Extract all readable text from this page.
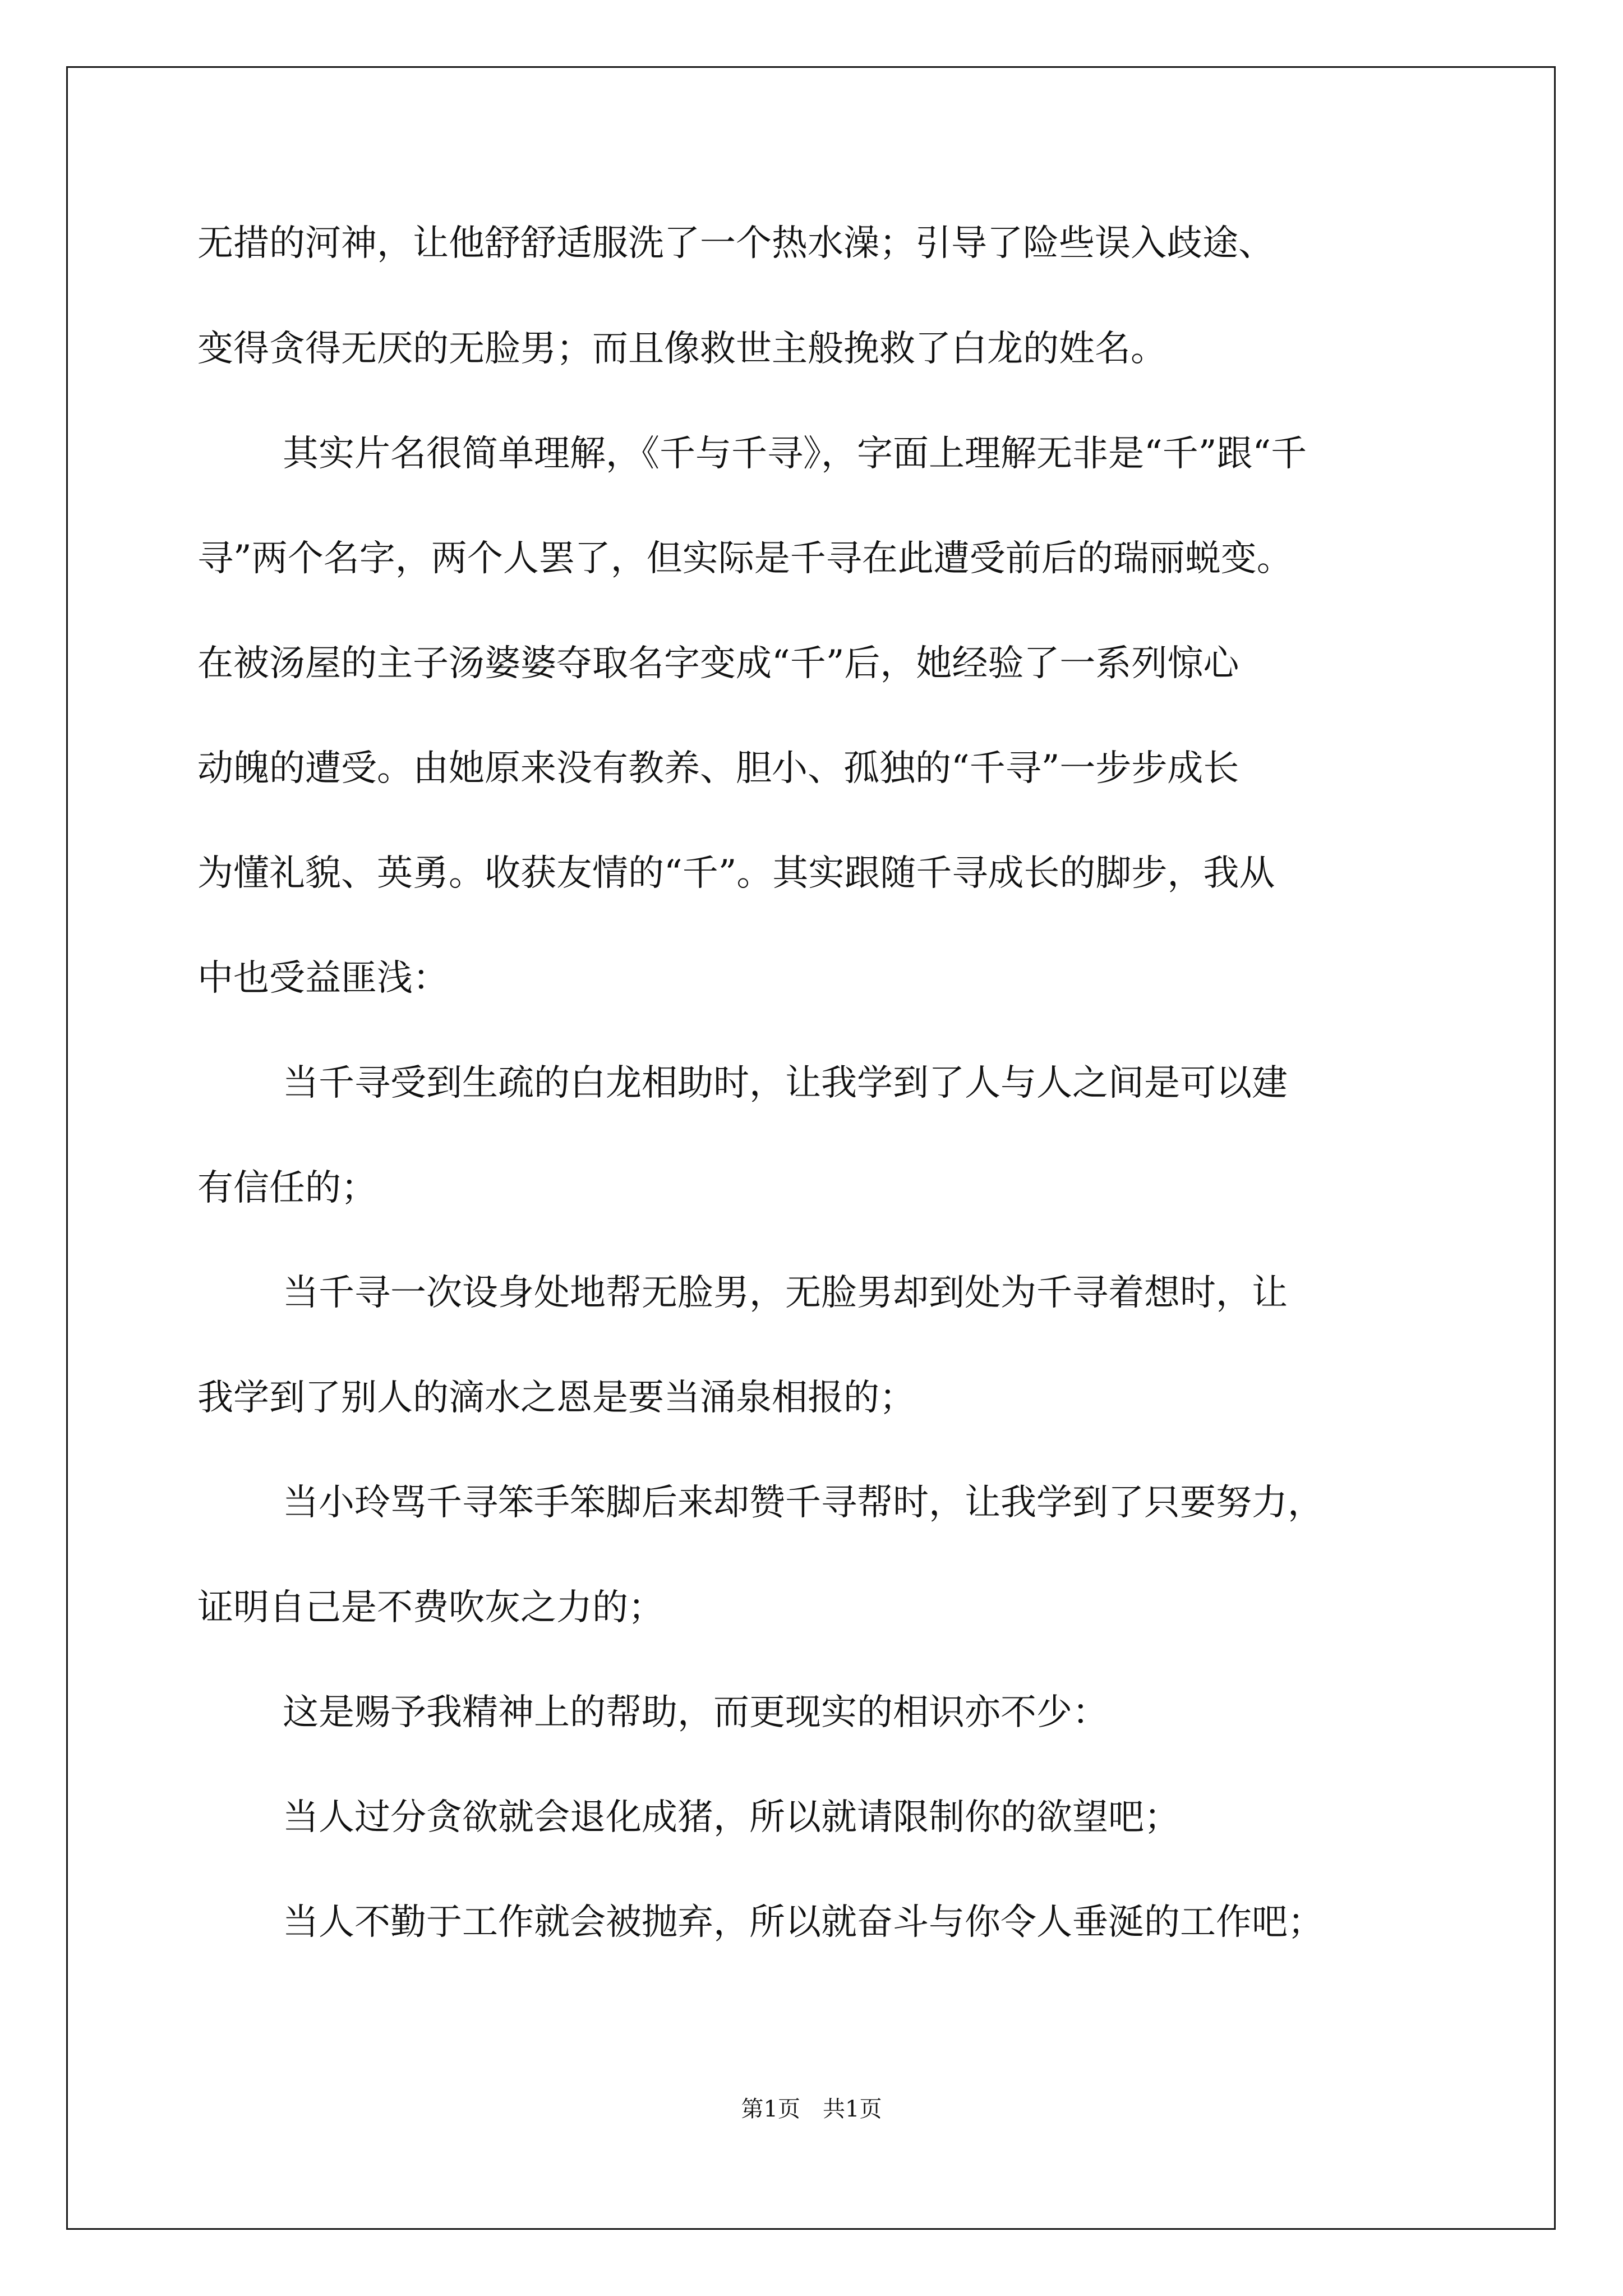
无措的河神，让他舒舒适服洗了一个热水澡；引导了险些误入歧途、
变得贪得无厌的无脸男；而且像救世主般挽救了白龙的姓名。
其实片名很简单理解，《千与千寻》，字面上理解无非是“千”跟“千
寻”两个名字，两个人罢了，但实际是千寻在此遭受前后的瑞丽蜕变。
在被汤屋的主子汤婆婆夺取名字变成“千”后，她经验了一系列惊心
动魄的遭受。由她原来没有教养、胆小、孤独的“千寻”一步步成长
为懂礼貌、英勇。收获友情的“千”。其实跟随千寻成长的脚步，我从
中也受益匪浅：
当千寻受到生疏的白龙相助时，让我学到了人与人之间是可以建
有信任的；
当千寻一次设身处地帮无脸男，无脸男却到处为千寻着想时，让
我学到了别人的滴水之恩是要当涌泉相报的；
当小玲骂千寻笨手笨脚后来却赞千寻帮时，让我学到了只要努力，
证明自己是不费吹灰之力的；
这是赐予我精神上的帮助，而更现实的相识亦不少：
当人过分贪欲就会退化成猪，所以就请限制你的欲望吧；
当人不勤于工作就会被抛弃，所以就奋斗与你令人垂涎的工作吧；
第1页　共1页
